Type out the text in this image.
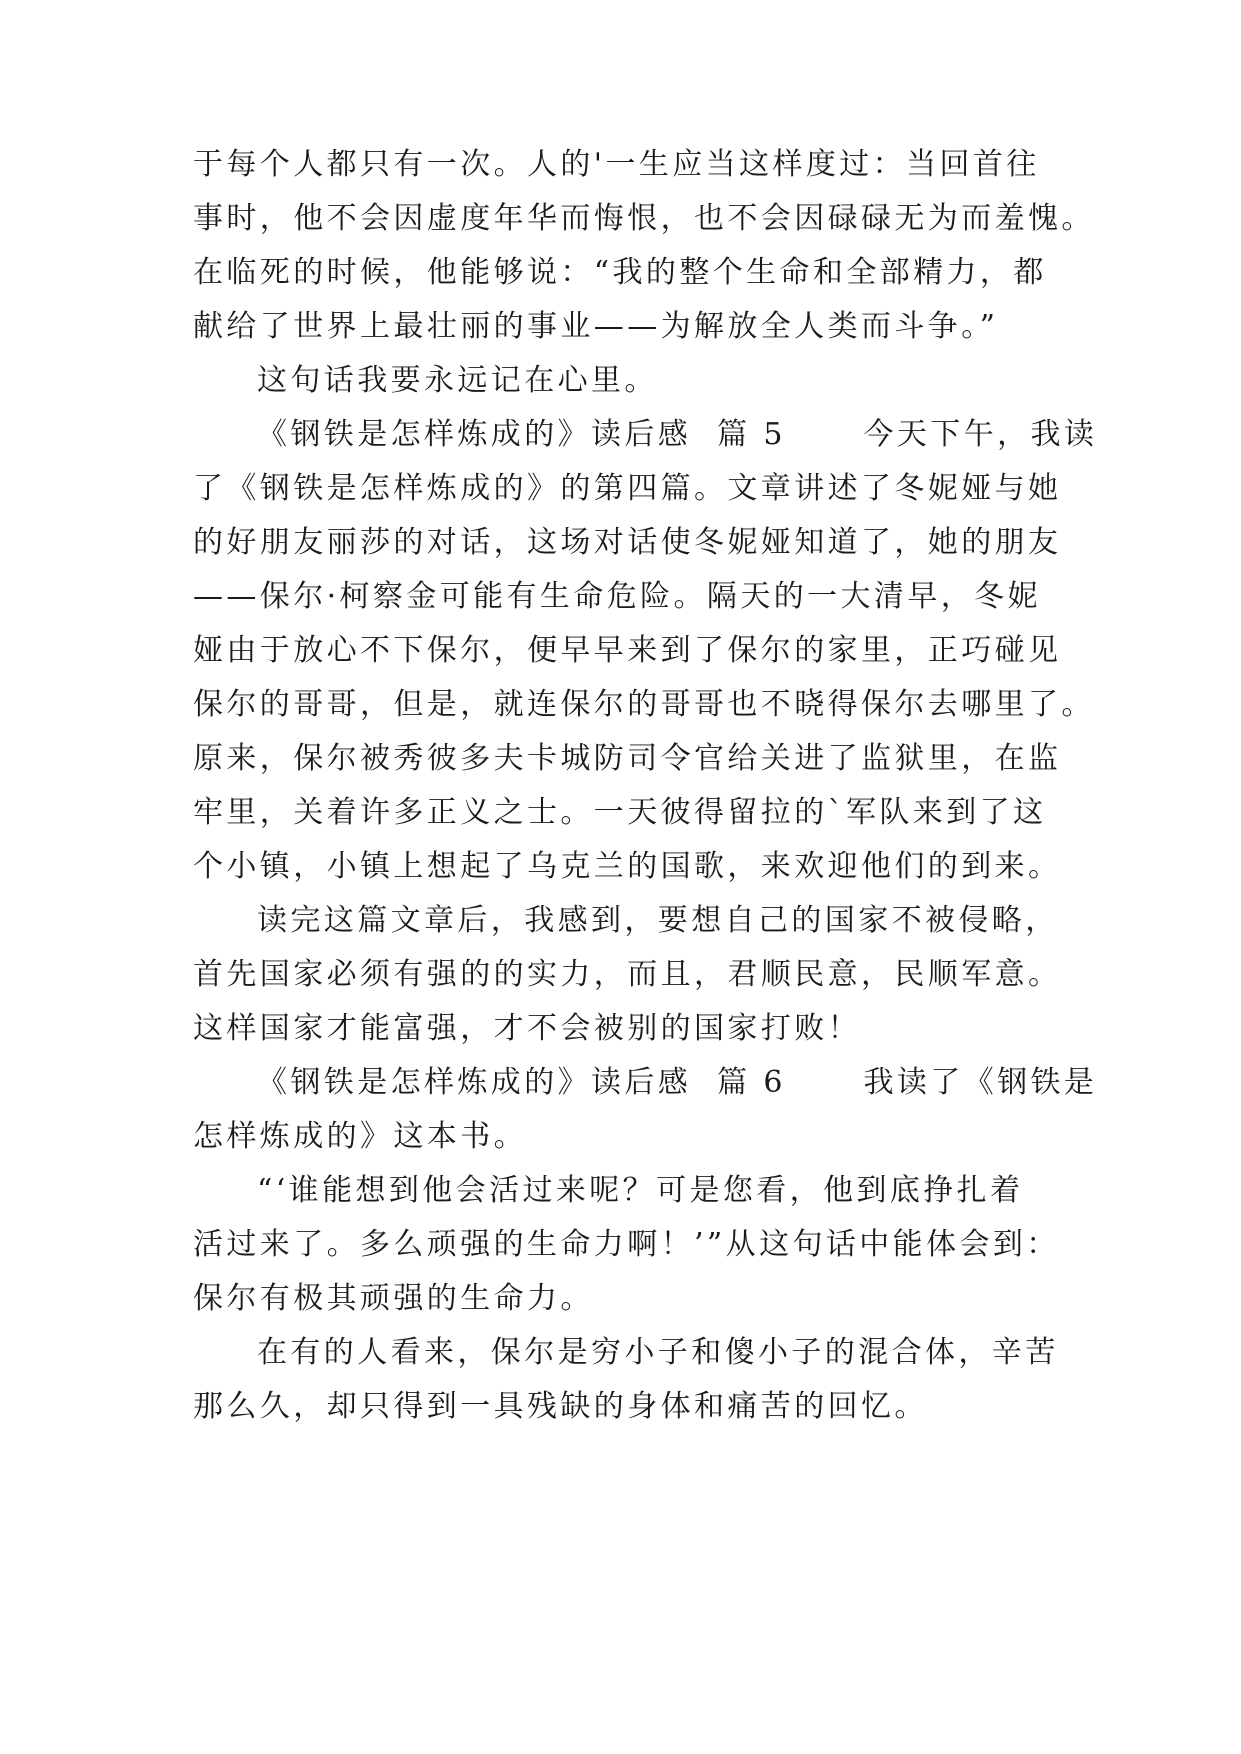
于每个人都只有一次。人的'一生应当这样度过：当回首往
事时，他不会因虚度年华而悔恨，也不会因碌碌无为而羞愧。
在临死的时候，他能够说：“我的整个生命和全部精力，都
献给了世界上最壮丽的事业——为解放全人类而斗争。”
这句话我要永远记在心里。
《钢铁是怎样炼成的》读后感  篇 5      今天下午，我读
了《钢铁是怎样炼成的》的第四篇。文章讲述了冬妮娅与她
的好朋友丽莎的对话，这场对话使冬妮娅知道了，她的朋友
——保尔·柯察金可能有生命危险。隔天的一大清早，冬妮
娅由于放心不下保尔，便早早来到了保尔的家里，正巧碰见
保尔的哥哥，但是，就连保尔的哥哥也不晓得保尔去哪里了。
原来，保尔被秀彼多夫卡城防司令官给关进了监狱里，在监
牢里，关着许多正义之士。一天彼得留拉的`军队来到了这
个小镇，小镇上想起了乌克兰的国歌，来欢迎他们的到来。
读完这篇文章后，我感到，要想自己的国家不被侵略，
首先国家必须有强的的实力，而且，君顺民意，民顺军意。
这样国家才能富强，才不会被别的国家打败！
《钢铁是怎样炼成的》读后感  篇 6      我读了《钢铁是
怎样炼成的》这本书。
“‘谁能想到他会活过来呢？可是您看，他到底挣扎着
活过来了。多么顽强的生命力啊！’”从这句话中能体会到：
保尔有极其顽强的生命力。
在有的人看来，保尔是穷小子和傻小子的混合体，辛苦
那么久，却只得到一具残缺的身体和痛苦的回忆。
